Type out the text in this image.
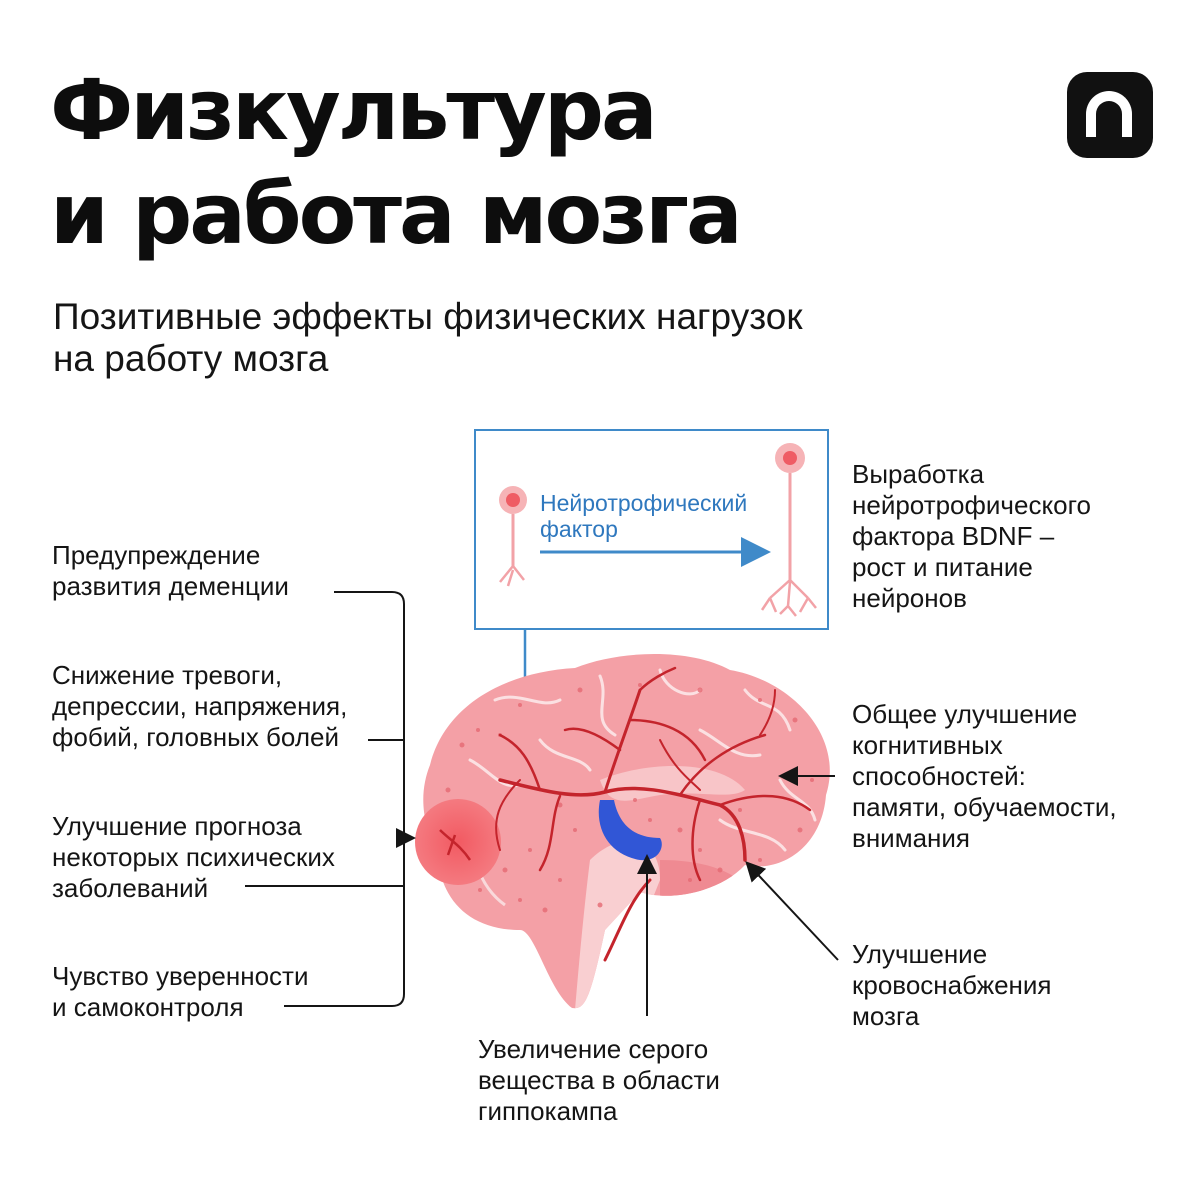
Физкультура
и работа мозга
Позитивные эффекты физических нагрузок
на работу мозга
Нейротрофический
фактор
Выработка
нейротрофического
фактора BDNF –
рост и питание
нейронов
Предупреждение
развития деменции
Снижение тревоги,
депрессии, напряжения,
фобий, головных болей
Улучшение прогноза
некоторых психических
заболеваний
Чувство уверенности
и самоконтроля
Общее улучшение
когнитивных
способностей:
памяти, обучаемости,
внимания
Улучшение
кровоснабжения
мозга
Увеличение серого
вещества в области
гиппокампа
